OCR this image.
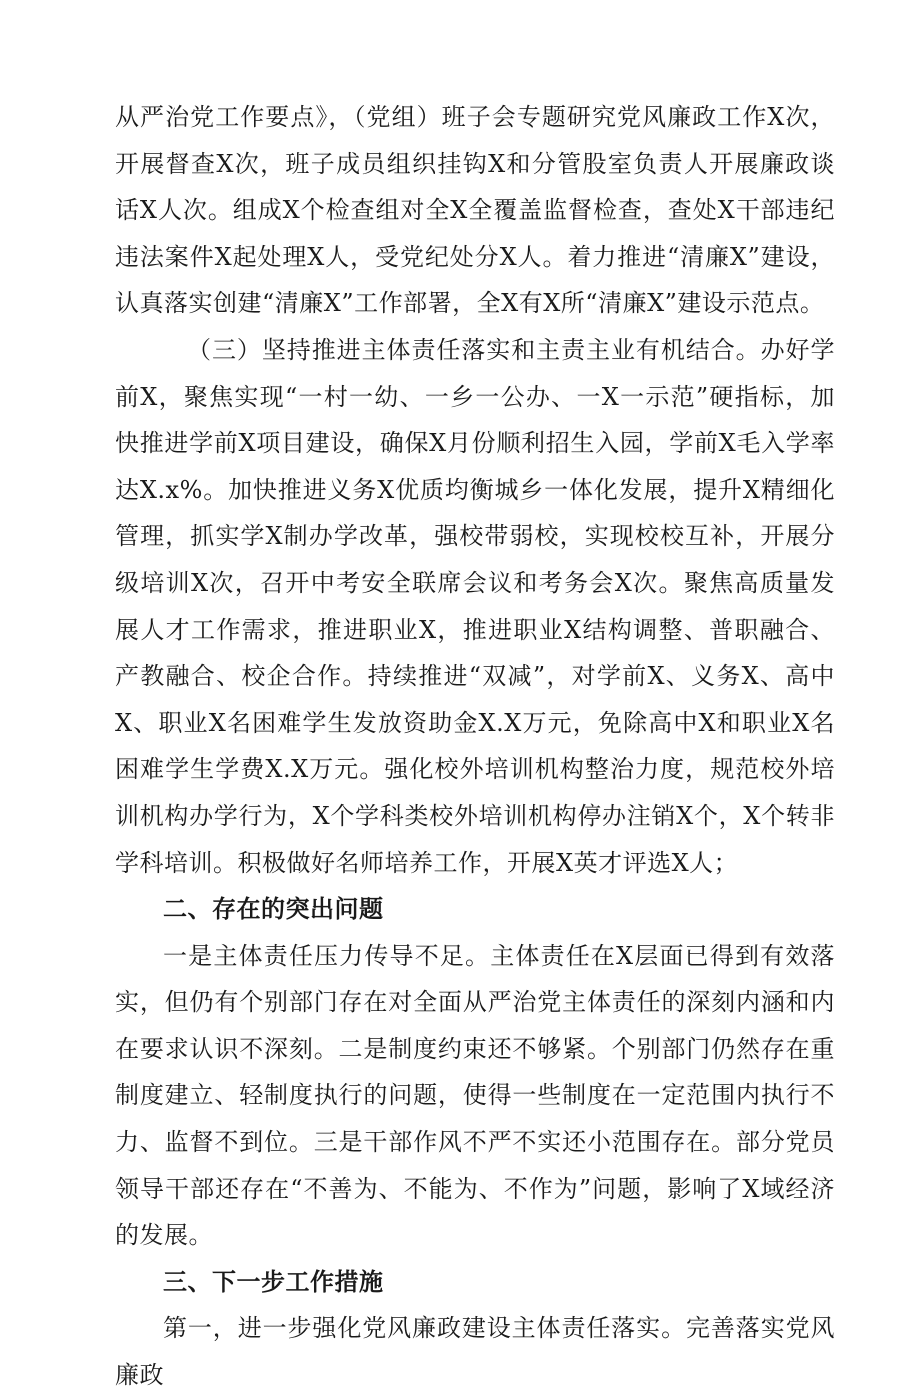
从严治党工作要点》，（党组）班子会专题研究党风廉政工作X次，开展督查X次，班子成员组织挂钩X和分管股室负责人开展廉政谈话X人次。组成X个检查组对全X全覆盖监督检查，查处X干部违纪违法案件X起处理X人，受党纪处分X人。着力推进“清廉X”建设，认真落实创建“清廉X”工作部署，全X有X所“清廉X”建设示范点。

（三）坚持推进主体责任落实和主责主业有机结合。办好学前X，聚焦实现“一村一幼、一乡一公办、一X一示范”硬指标，加快推进学前X项目建设，确保X月份顺利招生入园，学前X毛入学率达X.x%。加快推进义务X优质均衡城乡一体化发展，提升X精细化管理，抓实学X制办学改革，强校带弱校，实现校校互补，开展分级培训X次，召开中考安全联席会议和考务会X次。聚焦高质量发展人才工作需求，推进职业X，推进职业X结构调整、普职融合、产教融合、校企合作。持续推进“双减”，对学前X、义务X、高中X、职业X名困难学生发放资助金X.X万元，免除高中X和职业X名困难学生学费X.X万元。强化校外培训机构整治力度，规范校外培训机构办学行为，X个学科类校外培训机构停办注销X个，X个转非学科培训。积极做好名师培养工作，开展X英才评选X人；

二、存在的突出问题

一是主体责任压力传导不足。主体责任在X层面已得到有效落实，但仍有个别部门存在对全面从严治党主体责任的深刻内涵和内在要求认识不深刻。二是制度约束还不够紧。个别部门仍然存在重制度建立、轻制度执行的问题，使得一些制度在一定范围内执行不力、监督不到位。三是干部作风不严不实还小范围存在。部分党员领导干部还存在“不善为、不能为、不作为”问题，影响了X域经济的发展。

三、下一步工作措施

第一，进一步强化党风廉政建设主体责任落实。完善落实党风廉政
